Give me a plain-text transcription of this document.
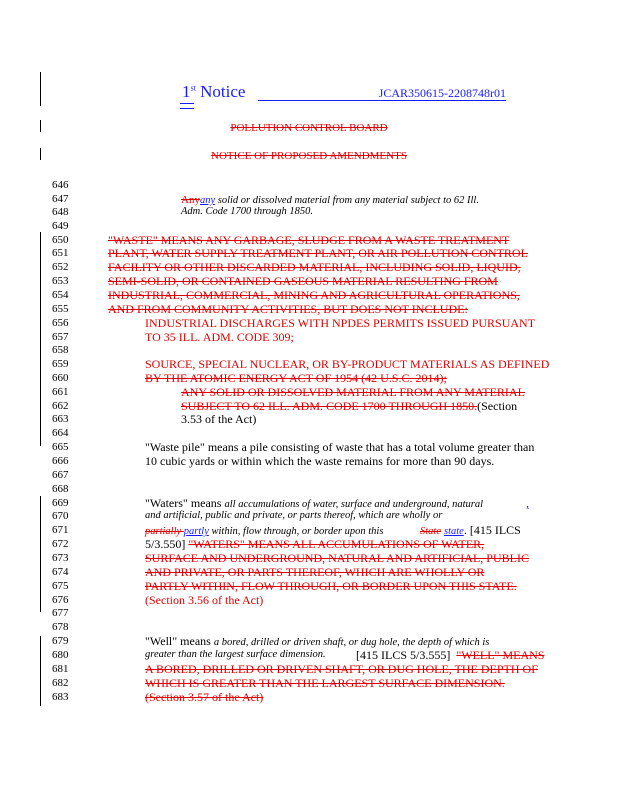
1st Notice	JCAR350615-2208748r01
POLLUTION CONTROL BOARD
NOTICE OF PROPOSED AMENDMENTS
646
647
648
649
650
651
652
653
654
655
656
657
658
659
660
661
662
663
664
665
666
667
668
669
670
671
672
673
674
675
676
677
678
679
680
681
682
683
Anyany solid or dissolved material from any material subject to 62 Ill.
Adm. Code 1700 through 1850.
"WASTE" MEANS ANY GARBAGE, SLUDGE FROM A WASTE TREATMENT
PLANT, WATER SUPPLY TREATMENT PLANT, OR AIR POLLUTION CONTROL
FACILITY OR OTHER DISCARDED MATERIAL, INCLUDING SOLID, LIQUID,
SEMI-SOLID, OR CONTAINED GASEOUS MATERIAL RESULTING FROM
INDUSTRIAL, COMMERCIAL, MINING AND AGRICULTURAL OPERATIONS,
AND FROM COMMUNITY ACTIVITIES, BUT DOES NOT INCLUDE:
INDUSTRIAL DISCHARGES WITH NPDES PERMITS ISSUED PURSUANT
TO 35 ILL. ADM. CODE 309;
SOURCE, SPECIAL NUCLEAR, OR BY-PRODUCT MATERIALS AS DEFINED
BY THE ATOMIC ENERGY ACT OF 1954 (42 U.S.C. 2014);
ANY SOLID OR DISSOLVED MATERIAL FROM ANY MATERIAL
SUBJECT TO 62 ILL. ADM. CODE 1700 THROUGH 1850.(Section
3.53 of the Act)
"Waste pile" means a pile consisting of waste that has a total volume greater than
10 cubic yards or within which the waste remains for more than 90 days.
"Waters" means all accumulations of water, surface and underground, natural	,
and artificial, public and private, or parts thereof, which are wholly or
partially partly within, flow through, or border upon this	State state. [415 ILCS
5/3.550] "WATERS" MEANS ALL ACCUMULATIONS OF WATER,
SURFACE AND UNDERGROUND, NATURAL AND ARTIFICIAL, PUBLIC
AND PRIVATE, OR PARTS THEREOF, WHICH ARE WHOLLY OR
PARTLY WITHIN, FLOW THROUGH, OR BORDER UPON THIS STATE.
(Section 3.56 of the Act)
"Well" means a bored, drilled or driven shaft, or dug hole, the depth of which is
greater than the largest surface dimension.	[415 ILCS 5/3.555] "WELL" MEANS
A BORED, DRILLED OR DRIVEN SHAFT, OR DUG HOLE, THE DEPTH OF
WHICH IS GREATER THAN THE LARGEST SURFACE DIMENSION.
(Section 3.57 of the Act)
